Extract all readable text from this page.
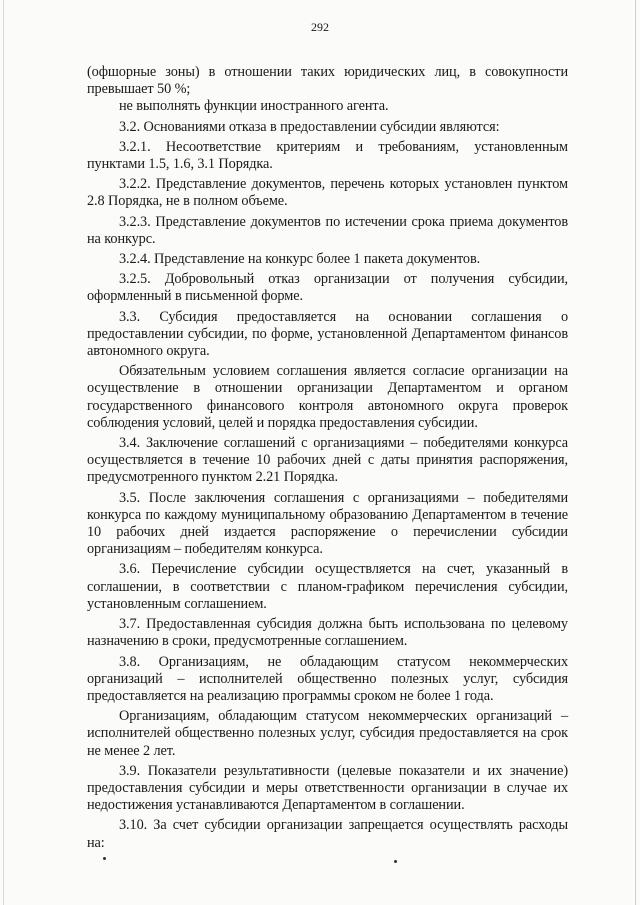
292

(офшорные зоны) в отношении таких юридических лиц, в совокупности превышает 50 %;

не выполнять функции иностранного агента.

3.2. Основаниями отказа в предоставлении субсидии являются:

3.2.1. Несоответствие критериям и требованиям, установленным пунктами 1.5, 1.6, 3.1 Порядка.

3.2.2. Представление документов, перечень которых установлен пунктом 2.8 Порядка, не в полном объеме.

3.2.3. Представление документов по истечении срока приема документов на конкурс.

3.2.4. Представление на конкурс более 1 пакета документов.

3.2.5. Добровольный отказ организации от получения субсидии, оформленный в письменной форме.

3.3. Субсидия предоставляется на основании соглашения о предоставлении субсидии, по форме, установленной Департаментом финансов автономного округа.

Обязательным условием соглашения является согласие организации на осуществление в отношении организации Департаментом и органом государственного финансового контроля автономного округа проверок соблюдения условий, целей и порядка предоставления субсидии.

3.4. Заключение соглашений с организациями – победителями конкурса осуществляется в течение 10 рабочих дней с даты принятия распоряжения, предусмотренного пунктом 2.21 Порядка.

3.5. После заключения соглашения с организациями – победителями конкурса по каждому муниципальному образованию Департаментом в течение 10 рабочих дней издается распоряжение о перечислении субсидии организациям – победителям конкурса.

3.6. Перечисление субсидии осуществляется на счет, указанный в соглашении, в соответствии с планом-графиком перечисления субсидии, установленным соглашением.

3.7. Предоставленная субсидия должна быть использована по целевому назначению в сроки, предусмотренные соглашением.

3.8. Организациям, не обладающим статусом некоммерческих организаций – исполнителей общественно полезных услуг, субсидия предоставляется на реализацию программы сроком не более 1 года.

Организациям, обладающим статусом некоммерческих организаций – исполнителей общественно полезных услуг, субсидия предоставляется на срок не менее 2 лет.

3.9. Показатели результативности (целевые показатели и их значение) предоставления субсидии и меры ответственности организации в случае их недостижения устанавливаются Департаментом в соглашении.

3.10. За счет субсидии организации запрещается осуществлять расходы на:
